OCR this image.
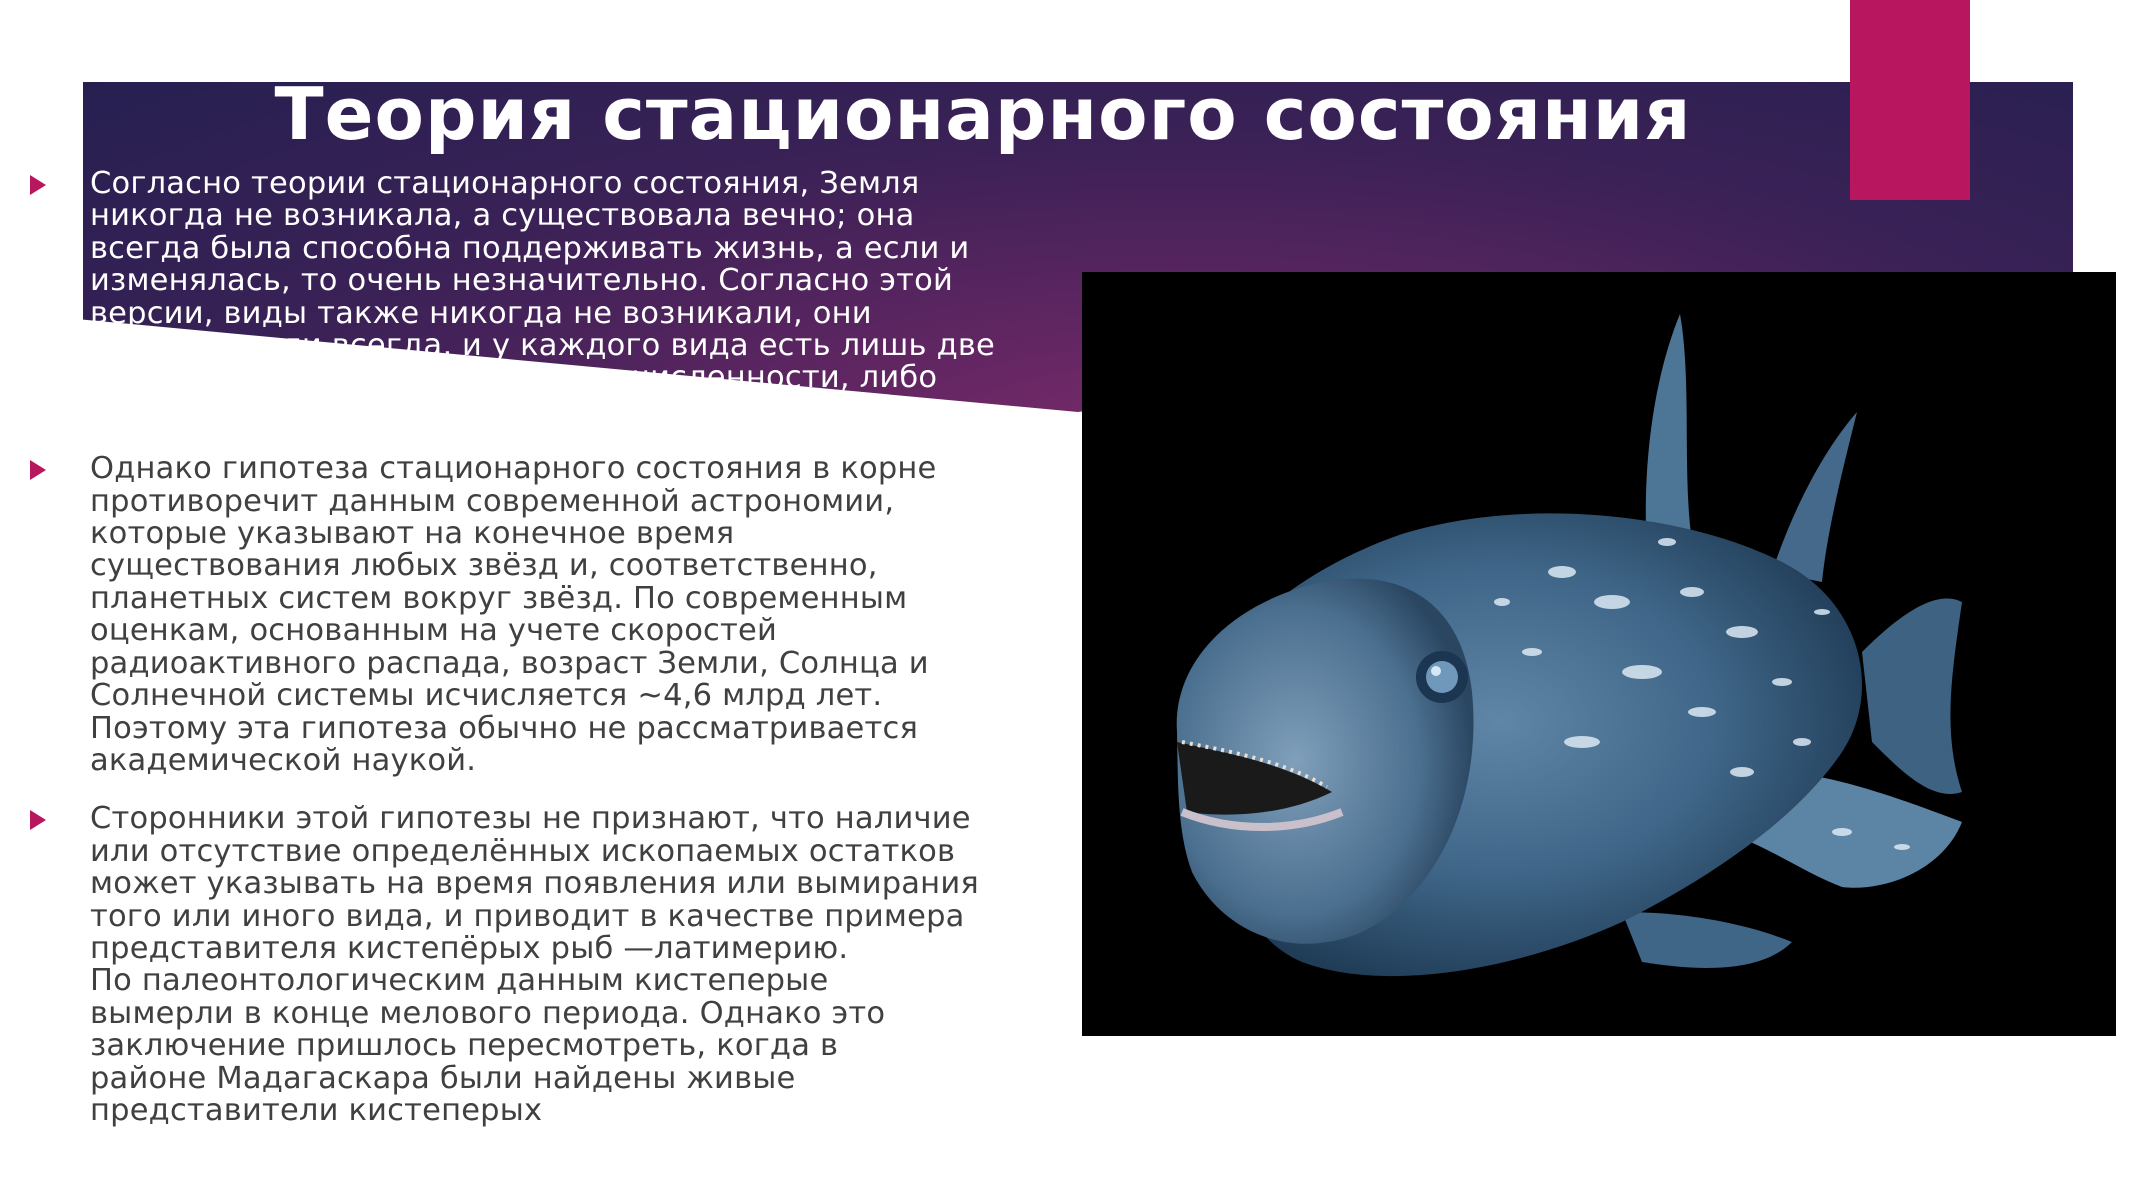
Теория стационарного состояния
Согласно теории стационарного состояния, Земля
никогда не возникала, а существовала вечно; она
всегда была способна поддерживать жизнь, а если и
изменялась, то очень незначительно. Согласно этой
версии, виды также никогда не возникали, они
существовали всегда, и у каждого вида есть лишь две
возможности — либо изменение численности, либо
вымирание.
Однако гипотеза стационарного состояния в корне
противоречит данным современной астрономии,
которые указывают на конечное время
существования любых звёзд и, соответственно,
планетных систем вокруг звёзд. По современным
оценкам, основанным на учете скоростей
радиоактивного распада, возраст Земли, Солнца и
Солнечной системы исчисляется ~4,6 млрд лет.
Поэтому эта гипотеза обычно не рассматривается
академической наукой.
Сторонники этой гипотезы не признают, что наличие
или отсутствие определённых ископаемых остатков
может указывать на время появления или вымирания
того или иного вида, и приводит в качестве примера
представителя кистепёрых рыб —латимерию.
По палеонтологическим данным кистеперые
вымерли в конце мелового периода. Однако это
заключение пришлось пересмотреть, когда в
районе Мадагаскара были найдены живые
представители кистеперых
